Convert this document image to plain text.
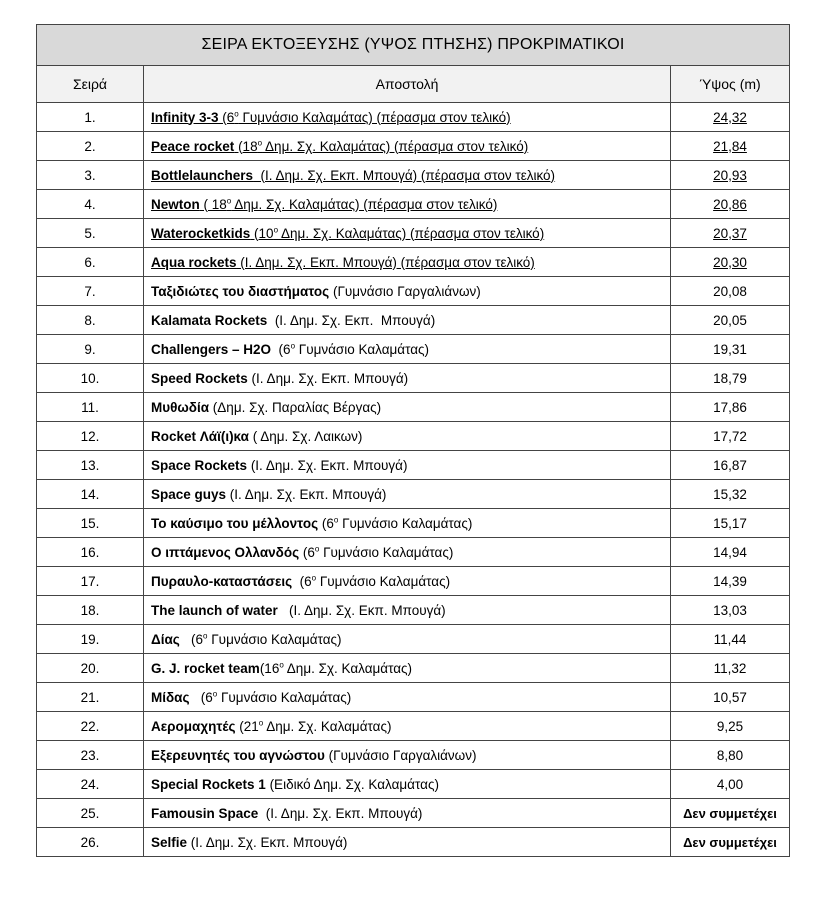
ΣΕΙΡΑ ΕΚΤΟΞΕΥΣΗΣ (ΥΨΟΣ ΠΤΗΣΗΣ) ΠΡΟΚΡΙΜΑΤΙΚΟΙ		
Σειρά	Αποστολή	Ύψος (m)
1.	Infinity 3-3 ($6^o$ Γυμνάσιο Καλαμάτας) (πέρασμα στον τελικό)	24,32
2.	Peace rocket ($18^o$ Δημ. Σχ. Καλαμάτας) (πέρασμα στον τελικό)	21,84
3.	Bottlelaunchers  (Ι. Δημ. Σχ. Εκπ. Μπουγά) (πέρασμα στον τελικό)	20,93
4.	Newton ( $18^o$ Δημ. Σχ. Καλαμάτας) (πέρασμα στον τελικό)	20,86
5.	Waterocketkids ($10^o$ Δημ. Σχ. Καλαμάτας) (πέρασμα στον τελικό)	20,37
6.	Aqua rockets (Ι. Δημ. Σχ. Εκπ. Μπουγά) (πέρασμα στον τελικό)	20,30
7.	Ταξιδιώτες του διαστήματος (Γυμνάσιο Γαργαλιάνων)	20,08
8.	Kalamata Rockets  (Ι. Δημ. Σχ. Εκπ.  Μπουγά)	20,05
9.	Challengers – H2O  ($6^o$ Γυμνάσιο Καλαμάτας)	19,31
10.	Speed Rockets (Ι. Δημ. Σχ. Εκπ. Μπουγά)	18,79
11.	Μυθωδία (Δημ. Σχ. Παραλίας Βέργας)	17,86
12.	Rocket Λάϊ(ι)κα ( Δημ. Σχ. Λαικων)	17,72
13.	Space Rockets (Ι. Δημ. Σχ. Εκπ. Μπουγά)	16,87
14.	Space guys (Ι. Δημ. Σχ. Εκπ. Μπουγά)	15,32
15.	Το καύσιμο του μέλλοντος ($6^o$ Γυμνάσιο Καλαμάτας)	15,17
16.	Ο ιπτάμενος Ολλανδός ($6^o$ Γυμνάσιο Καλαμάτας)	14,94
17.	Πυραυλο-καταστάσεις  ($6^o$ Γυμνάσιο Καλαμάτας)	14,39
18.	The launch of water   (Ι. Δημ. Σχ. Εκπ. Μπουγά)	13,03
19.	Δίας   ($6^o$ Γυμνάσιο Καλαμάτας)	11,44
20.	G. J. rocket $team(16^o$ Δημ. Σχ. Καλαμάτας)	11,32
21.	Μίδας   ($6^o$ Γυμνάσιο Καλαμάτας)	10,57
22.	Αερομαχητές ($21^o$ Δημ. Σχ. Καλαμάτας)	9,25
23.	Εξερευνητές του αγνώστου (Γυμνάσιο Γαργαλιάνων)	8,80
24.	Special Rockets 1 (Ειδικό Δημ. Σχ. Καλαμάτας)	4,00
25.	Famousin Space  (Ι. Δημ. Σχ. Εκπ. Μπουγά)	Δεν συμμετέχει
26.	Selfie (Ι. Δημ. Σχ. Εκπ. Μπουγά)	Δεν συμμετέχει
